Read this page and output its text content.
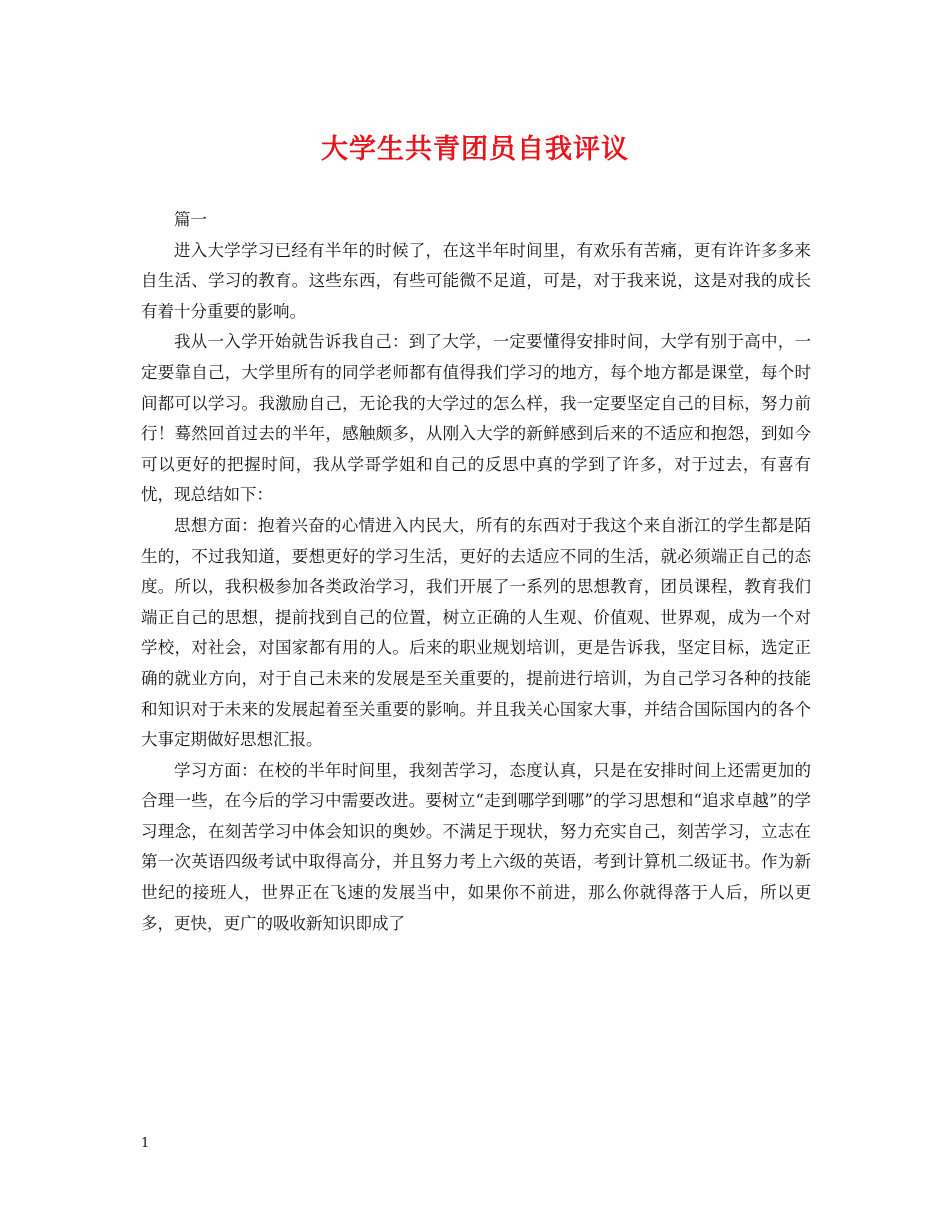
大学生共青团员自我评议

篇一

进入大学学习已经有半年的时候了，在这半年时间里，有欢乐有苦痛，更有许许多多来自生活、学习的教育。这些东西，有些可能微不足道，可是，对于我来说，这是对我的成长有着十分重要的影响。

我从一入学开始就告诉我自己：到了大学，一定要懂得安排时间，大学有别于高中，一定要靠自己，大学里所有的同学老师都有值得我们学习的地方，每个地方都是课堂，每个时间都可以学习。我激励自己，无论我的大学过的怎么样，我一定要坚定自己的目标，努力前行！蓦然回首过去的半年，感触颇多，从刚入大学的新鲜感到后来的不适应和抱怨，到如今可以更好的把握时间，我从学哥学姐和自己的反思中真的学到了许多，对于过去，有喜有忧，现总结如下：

思想方面：抱着兴奋的心情进入内民大，所有的东西对于我这个来自浙江的学生都是陌生的，不过我知道，要想更好的学习生活，更好的去适应不同的生活，就必须端正自己的态度。所以，我积极参加各类政治学习，我们开展了一系列的思想教育，团员课程，教育我们端正自己的思想，提前找到自己的位置，树立正确的人生观、价值观、世界观，成为一个对学校，对社会，对国家都有用的人。后来的职业规划培训，更是告诉我，坚定目标，选定正确的就业方向，对于自己未来的发展是至关重要的，提前进行培训，为自己学习各种的技能和知识对于未来的发展起着至关重要的影响。并且我关心国家大事，并结合国际国内的各个大事定期做好思想汇报。

学习方面：在校的半年时间里，我刻苦学习，态度认真，只是在安排时间上还需更加的合理一些，在今后的学习中需要改进。要树立“走到哪学到哪”的学习思想和“追求卓越”的学习理念，在刻苦学习中体会知识的奥妙。不满足于现状，努力充实自己，刻苦学习，立志在第一次英语四级考试中取得高分，并且努力考上六级的英语，考到计算机二级证书。作为新世纪的接班人，世界正在飞速的发展当中，如果你不前进，那么你就得落于人后，所以更多，更快，更广的吸收新知识即成了

1
